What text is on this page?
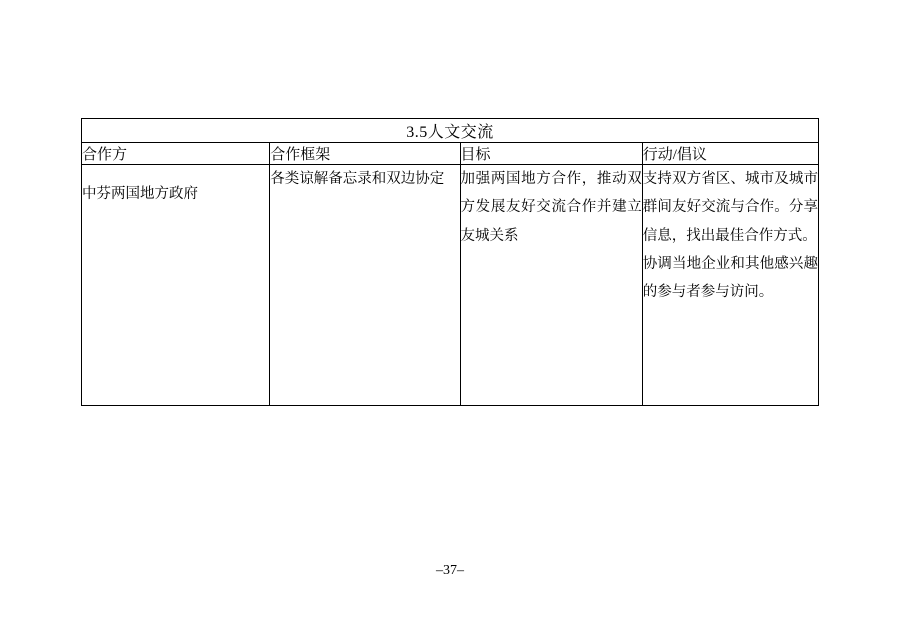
3.5人文交流			
合作方	合作框架	目标	行动/倡议

中芬两国地方政府	各类谅解备忘录和双边协定	加强两国地方合作，推动双方发展友好交流合作并建立友城关系	支持双方省区、城市及城市群间友好交流与合作。分享信息，找出最佳合作方式。

协调当地企业和其他感兴趣的参与者参与访问。

–37–
